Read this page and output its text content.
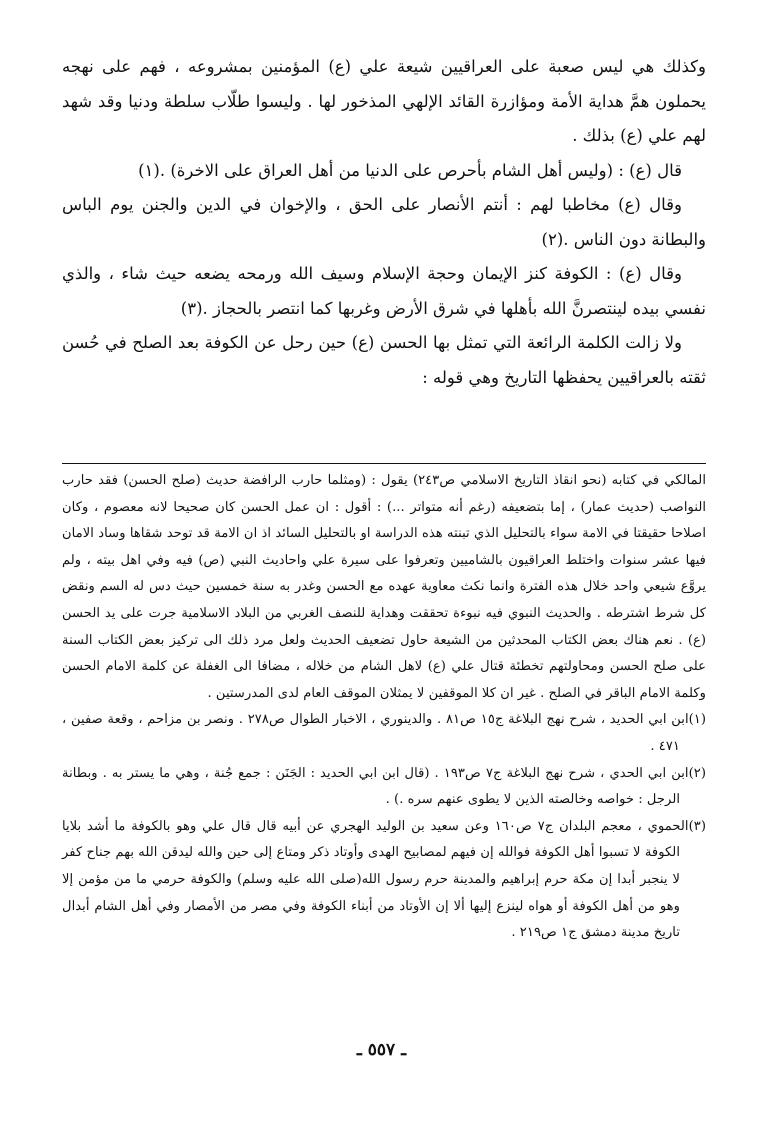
وكذلك هي ليس صعبة على العراقيين شيعة علي (ع) المؤمنين بمشروعه ، فهم على نهجه يحملون همَّ هداية الأمة ومؤازرة القائد الإلهي المذخور لها . وليسوا طلّاب سلطة ودنيا وقد شهد لهم علي (ع) بذلك .

قال (ع) : (وليس أهل الشام بأحرص على الدنيا من أهل العراق على الاخرة) .(١)

وقال (ع) مخاطبا لهم : أنتم الأنصار على الحق ، والإخوان في الدين والجنن يوم الباس والبطانة دون الناس .(٢)

وقال (ع) : الكوفة كنز الإيمان وحجة الإسلام وسيف الله ورمحه يضعه حيث شاء ، والذي نفسي بيده لينتصرنَّ الله بأهلها في شرق الأرض وغربها كما انتصر بالحجاز .(٣)

ولا زالت الكلمة الرائعة التي تمثل بها الحسن (ع) حين رحل عن الكوفة بعد الصلح في حُسن ثقته بالعراقيين يحفظها التاريخ وهي قوله :

المالكي في كتابه (نحو انقاذ التاريخ الاسلامي ص٢٤٣) يقول : (ومثلما حارب الرافضة حديث (صلح الحسن) فقد حارب النواصب (حديث عمار) ، إما بتضعيفه (رغم أنه متواتر ...) : أقول : ان عمل الحسن كان صحيحا لانه معصوم ، وكان اصلاحا حقيقتا في الامة سواء بالتحليل الذي تبنته هذه الدراسة او بالتحليل السائد اذ ان الامة قد توحد شقاها وساد الامان فيها عشر سنوات واختلط العراقيون بالشاميين وتعرفوا على سيرة علي واحاديث النبي (ص) فيه وفي اهل بيته ، ولم يروَّع شيعي واحد خلال هذه الفترة وانما نكث معاوية عهده مع الحسن وغدر به سنة خمسين حيث دس له السم ونقض كل شرط اشترطه . والحديث النبوي فيه نبوءة تحققت وهداية للنصف الغربي من البلاد الاسلامية جرت على يد الحسن (ع) . نعم هناك بعض الكتاب المحدثين من الشيعة حاول تضعيف الحديث ولعل مرد ذلك الى تركيز بعض الكتاب السنة على صلح الحسن ومحاولتهم تخطئة قتال علي (ع) لاهل الشام من خلاله ، مضافا الى الغفلة عن كلمة الامام الحسن وكلمة الامام الباقر في الصلح . غير ان كلا الموقفين لا يمثلان الموقف العام لدى المدرستين .

(١)ابن ابي الحديد ، شرح نهج البلاغة ج١٥ ص٨١ . والدينوري ، الاخبار الطوال ص٢٧٨ . ونصر بن مزاحم ، وقعة صفين ، ٤٧١ .

(٢)ابن ابي الحدي ، شرح نهج البلاغة ج٧ ص١٩٣ . (قال ابن ابي الحديد : الجَنَن : جمع جُنة ، وهي ما يستر به . وبطانة الرجل : خواصه وخالصته الذين لا يطوى عنهم سره .) .

(٣)الحموي ، معجم البلدان ج٧ ص١٦٠ وعن سعيد بن الوليد الهجري عن أبيه قال قال علي وهو بالكوفة ما أشد بلايا الكوفة لا تسبوا أهل الكوفة فوالله إن فيهم لمصابيح الهدى وأوتاد ذكر ومتاع إلى حين والله ليدقن الله بهم جناح كفر لا ينجبر أبدا إن مكة حرم إبراهيم والمدينة حرم رسول الله(صلى الله عليه وسلم) والكوفة حرمي ما من مؤمن إلا وهو من أهل الكوفة أو هواه لينزع إليها ألا إن الأوتاد من أبناء الكوفة وفي مصر من الأمصار وفي أهل الشام أبدال تاريخ مدينة دمشق ج١ ص٢١٩ .

ـ ٥٥٧ ـ
